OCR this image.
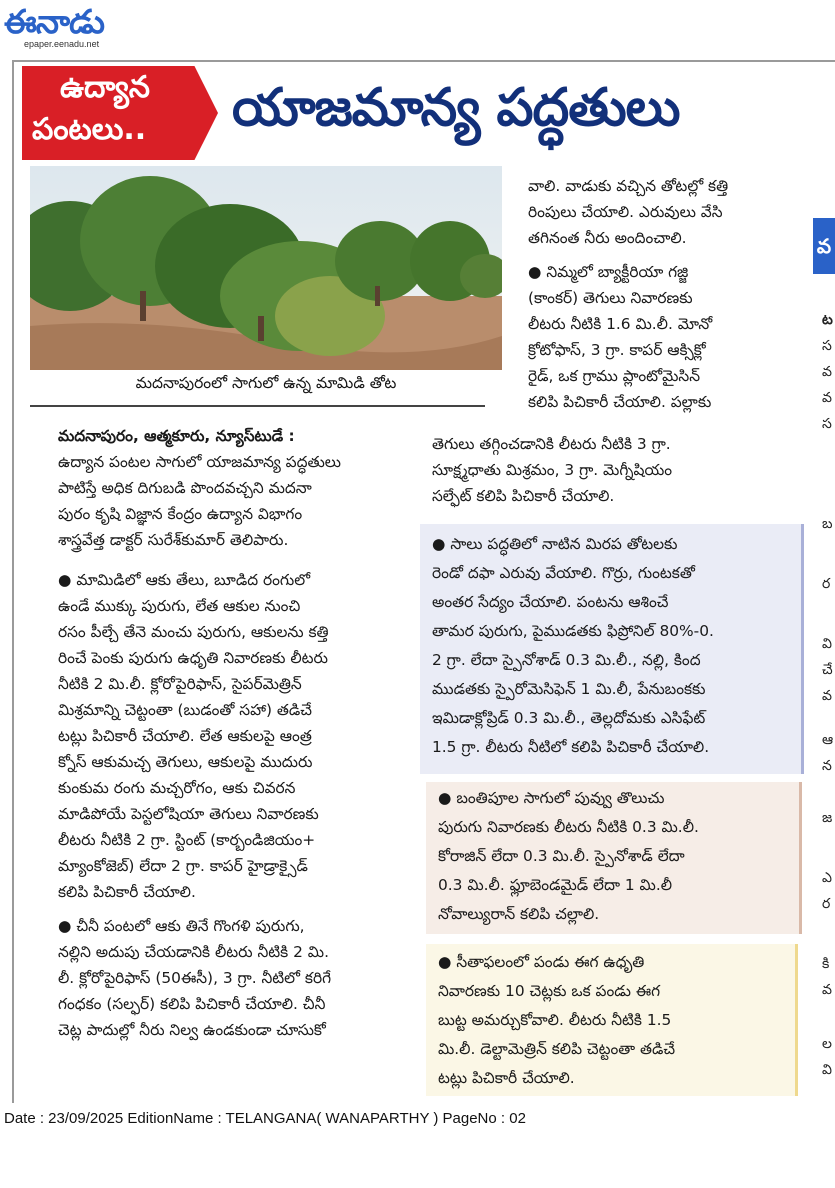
ఈనాడు
epaper.eenadu.net
ఉద్యాన
పంటలు.. యాజమాన్య పద్ధతులు
మదనాపురంలో సాగులో ఉన్న మామిడి తోట
మదనాపురం, ఆత్మకూరు, న్యూస్‌టుడే :
ఉద్యాన పంటల సాగులో యాజమాన్య పద్ధతులు
పాటిస్తే అధిక దిగుబడి పొందవచ్చని మదనా
పురం కృషి విజ్ఞాన కేంద్రం ఉద్యాన విభాగం
శాస్త్రవేత్త డాక్టర్ సురేశ్‌కుమార్ తెలిపారు.
● మామిడిలో ఆకు తేలు, బూడిద రంగులో
ఉండే ముక్కు పురుగు, లేత ఆకుల నుంచి
రసం పీల్చే తేనె మంచు పురుగు, ఆకులను కత్తి
రించే పెంకు పురుగు ఉధృతి నివారణకు లీటరు
నీటికి 2 మి.లీ. క్లోరోపైరిఫాస్, సైపర్‌మెత్రిన్
మిశ్రమాన్ని చెట్టంతా (బుడంతో సహా) తడిచే
టట్లు పిచికారీ చేయాలి. లేత ఆకులపై ఆంత్ర
క్నోస్ ఆకుమచ్చ తెగులు, ఆకులపై ముదురు
కుంకుమ రంగు మచ్చరోగం, ఆకు చివరన
మాడిపోయే పెస్టలోషియా తెగులు నివారణకు
లీటరు నీటికి 2 గ్రా. స్టింట్ (కార్బండిజియం+
మ్యాంకోజెబ్) లేదా 2 గ్రా. కాపర్ హైడ్రాక్సైడ్
కలిపి పిచికారీ చేయాలి.
● చీనీ పంటలో ఆకు తినే గొంగళి పురుగు,
నల్లిని అదుపు చేయడానికి లీటరు నీటికి 2 మి.
లీ. క్లోరోపైరిఫాస్ (50ఈసీ), 3 గ్రా. నీటిలో కరిగే
గంధకం (సల్ఫర్) కలిపి పిచికారీ చేయాలి. చీనీ
చెట్ల పాదుల్లో నీరు నిల్వ ఉండకుండా చూసుకో
వాలి. వాడుకు వచ్చిన తోటల్లో కత్తి
రింపులు చేయాలి. ఎరువులు వేసి
తగినంత నీరు అందించాలి.
● నిమ్మలో బ్యాక్టీరియా గజ్జి
(కాంకర్) తెగులు నివారణకు
లీటరు నీటికి 1.6 మి.లీ. మోనో
క్రోటోఫాస్, 3 గ్రా. కాపర్ ఆక్సిక్లో
రైడ్, ఒక గ్రాము ప్లాంటోమైసిన్
కలిపి పిచికారీ చేయాలి. పల్లాకు
తెగులు తగ్గించడానికి లీటరు నీటికి 3 గ్రా.
సూక్ష్మధాతు మిశ్రమం, 3 గ్రా. మెగ్నీషియం
సల్ఫేట్ కలిపి పిచికారీ చేయాలి.
● సాలు పద్ధతిలో నాటిన మిరప తోటలకు
రెండో దఫా ఎరువు వేయాలి. గొర్రు, గుంటకతో
అంతర సేద్యం చేయాలి. పంటను ఆశించే
తామర పురుగు, పైముడతకు ఫిప్రోనిల్ 80%-0.
2 గ్రా. లేదా స్పైనోశాడ్ 0.3 మి.లీ., నల్లి, కింద
ముడతకు స్పైరోమెసిఫెన్ 1 మి.లీ, పేనుబంకకు
ఇమిడాక్లోప్రిడ్ 0.3 మి.లీ., తెల్లదోమకు ఎసిఫేట్
1.5 గ్రా. లీటరు నీటిలో కలిపి పిచికారీ చేయాలి.
● బంతిపూల సాగులో పువ్వు తొలుచు
పురుగు నివారణకు లీటరు నీటికి 0.3 మి.లీ.
కోరాజిన్ లేదా 0.3 మి.లీ. స్పైనోశాడ్ లేదా
0.3 మి.లీ. ఫ్లూబెండమైడ్ లేదా 1 మి.లీ
నోవాల్యురాన్ కలిపి చల్లాలి.
● సీతాఫలంలో పండు ఈగ ఉధృతి
నివారణకు 10 చెట్లకు ఒక పండు ఈగ
బుట్ట అమర్చుకోవాలి. లీటరు నీటికి 1.5
మి.లీ. డెల్టామెత్రిన్ కలిపి చెట్టంతా తడిచే
టట్లు పిచికారీ చేయాలి.
వ
ట
స
వ
వ
స
బ
ర
వి
చే
వ
ఆ
న
జ
ఎ
ర
కి
వ
ల
వి
Date : 23/09/2025 EditionName : TELANGANA( WANAPARTHY ) PageNo : 02
